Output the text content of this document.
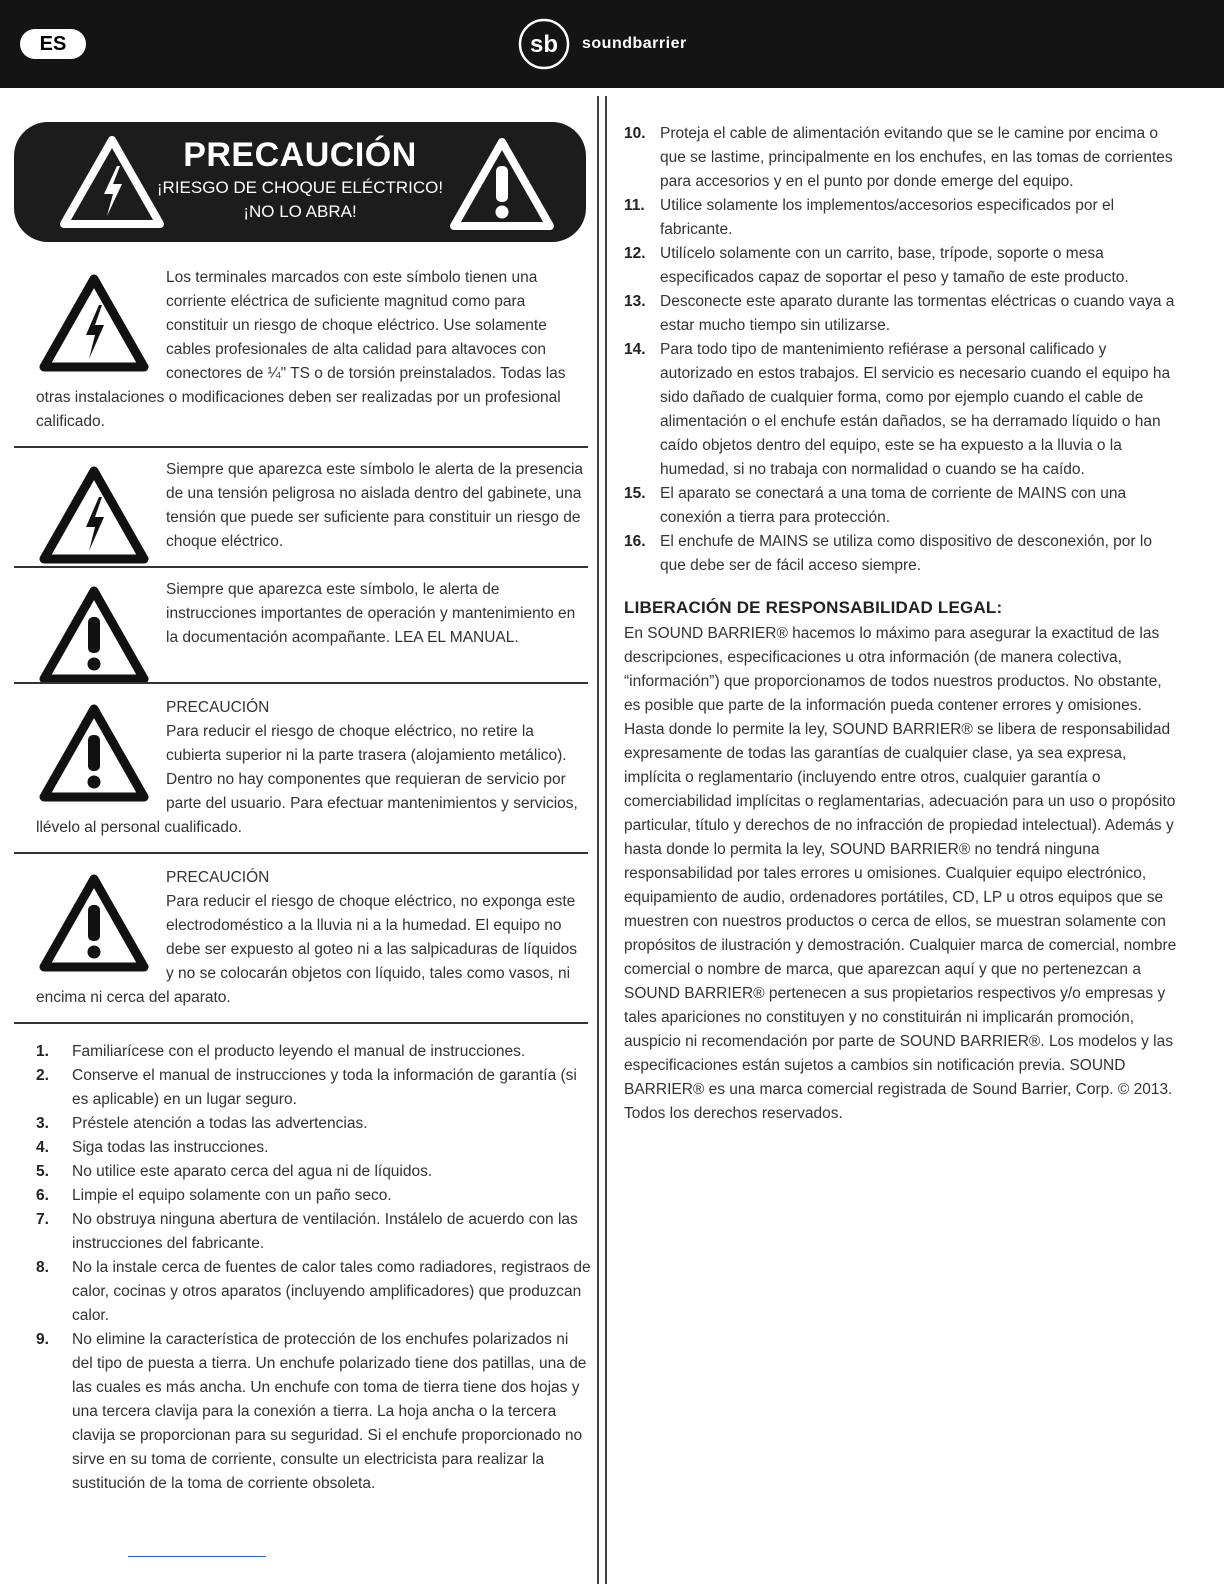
ES	sb soundbarrier
PRECAUCIÓN
¡RIESGO DE CHOQUE ELÉCTRICO!
¡NO LO ABRA!

Los terminales marcados con este símbolo tienen una corriente eléctrica de suficiente magnitud como para constituir un riesgo de choque eléctrico. Use solamente cables profesionales de alta calidad para altavoces con conectores de ¼" TS o de torsión preinstalados. Todas las otras instalaciones o modificaciones deben ser realizadas por un profesional calificado.

Siempre que aparezca este símbolo le alerta de la presencia de una tensión peligrosa no aislada dentro del gabinete, una tensión que puede ser suficiente para constituir un riesgo de choque eléctrico.

Siempre que aparezca este símbolo, le alerta de instrucciones importantes de operación y mantenimiento en la documentación acompañante. LEA EL MANUAL.

PRECAUCIÓN
Para reducir el riesgo de choque eléctrico, no retire la cubierta superior ni la parte trasera (alojamiento metálico). Dentro no hay componentes que requieran de servicio por parte del usuario. Para efectuar mantenimientos y servicios, llévelo al personal cualificado.

PRECAUCIÓN
Para reducir el riesgo de choque eléctrico, no exponga este electrodoméstico a la lluvia ni a la humedad. El equipo no debe ser expuesto al goteo ni a las salpicaduras de líquidos y no se colocarán objetos con líquido, tales como vasos, ni encima ni cerca del aparato.

1. Familiarícese con el producto leyendo el manual de instrucciones.
2. Conserve el manual de instrucciones y toda la información de garantía (si es aplicable) en un lugar seguro.
3. Préstele atención a todas las advertencias.
4. Siga todas las instrucciones.
5. No utilice este aparato cerca del agua ni de líquidos.
6. Limpie el equipo solamente con un paño seco.
7. No obstruya ninguna abertura de ventilación. Instálelo de acuerdo con las instrucciones del fabricante.
8. No la instale cerca de fuentes de calor tales como radiadores, registraos de calor, cocinas y otros aparatos (incluyendo amplificadores) que produzcan calor.
9. No elimine la característica de protección de los enchufes polarizados ni del tipo de puesta a tierra. Un enchufe polarizado tiene dos patillas, una de las cuales es más ancha. Un enchufe con toma de tierra tiene dos hojas y una tercera clavija para la conexión a tierra. La hoja ancha o la tercera clavija se proporcionan para su seguridad. Si el enchufe proporcionado no sirve en su toma de corriente, consulte un electricista para realizar la sustitución de la toma de corriente obsoleta.
10. Proteja el cable de alimentación evitando que se le camine por encima o que se lastime, principalmente en los enchufes, en las tomas de corrientes para accesorios y en el punto por donde emerge del equipo.
11. Utilice solamente los implementos/accesorios especificados por el fabricante.
12. Utilícelo solamente con un carrito, base, trípode, soporte o mesa especificados capaz de soportar el peso y tamaño de este producto.
13. Desconecte este aparato durante las tormentas eléctricas o cuando vaya a estar mucho tiempo sin utilizarse.
14. Para todo tipo de mantenimiento refiérase a personal calificado y autorizado en estos trabajos. El servicio es necesario cuando el equipo ha sido dañado de cualquier forma, como por ejemplo cuando el cable de alimentación o el enchufe están dañados, se ha derramado líquido o han caído objetos dentro del equipo, este se ha expuesto a la lluvia o la humedad, si no trabaja con normalidad o cuando se ha caído.
15. El aparato se conectará a una toma de corriente de MAINS con una conexión a tierra para protección.
16. El enchufe de MAINS se utiliza como dispositivo de desconexión, por lo que debe ser de fácil acceso siempre.
LIBERACIÓN DE RESPONSABILIDAD LEGAL:

En SOUND BARRIER® hacemos lo máximo para asegurar la exactitud de las descripciones, especificaciones u otra información (de manera colectiva, “información”) que proporcionamos de todos nuestros productos. No obstante, es posible que parte de la información pueda contener errores y omisiones. Hasta donde lo permite la ley, SOUND BARRIER® se libera de responsabilidad expresamente de todas las garantías de cualquier clase, ya sea expresa, implícita o reglamentario (incluyendo entre otros, cualquier garantía o comerciabilidad implícitas o reglamentarias, adecuación para un uso o propósito particular, título y derechos de no infracción de propiedad intelectual). Además y hasta donde lo permita la ley, SOUND BARRIER® no tendrá ninguna responsabilidad por tales errores u omisiones. Cualquier equipo electrónico, equipamiento de audio, ordenadores portátiles, CD, LP u otros equipos que se muestren con nuestros productos o cerca de ellos, se muestran solamente con propósitos de ilustración y demostración. Cualquier marca de comercial, nombre comercial o nombre de marca, que aparezcan aquí y que no pertenezcan a SOUND BARRIER® pertenecen a sus propietarios respectivos y/o empresas y tales apariciones no constituyen y no constituirán ni implicarán promoción, auspicio ni recomendación por parte de SOUND BARRIER®. Los modelos y las especificaciones están sujetos a cambios sin notificación previa. SOUND BARRIER® es una marca comercial registrada de Sound Barrier, Corp. © 2013. Todos los derechos reservados.
